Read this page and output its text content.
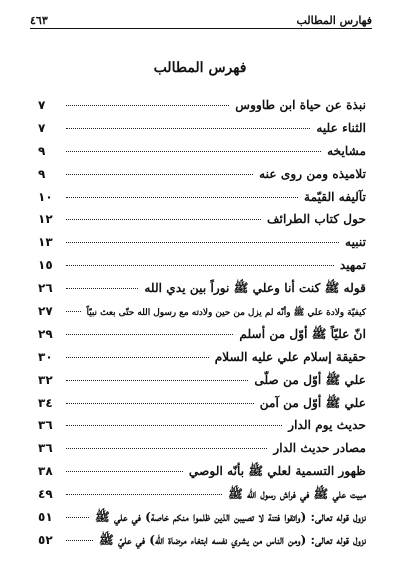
فهارس المطالب
٤٦٣
فهرس المطالب
نبذة عن حياة ابن طاووس
٧
الثناء عليه
٧
مشايخه
٩
تلاميذه ومن روى عنه
٩
تآليفه القيّمة
١٠
حول كتاب الطرائف
١٢
تنبيه
١٣
تمهيد
١٥
قوله ﷺ كنت أنا وعلي ﷺ نوراً بين يدي الله
٢٦
كيفيّة ولادة علي ﷺ وأنّه لم يزل من حين ولادته مع رسول الله حتّى بعث نبيّاً
٢٧
انّ عليّاً ﷺ أوّل من أسلم
٢٩
حقيقة إسلام علي عليه السلام
٣٠
علي ﷺ أوّل من صلّى
٣٢
علي ﷺ أوّل من آمن
٣٤
حديث يوم الدار
٣٦
مصادر حديث الدار
٣٦
ظهور التسمية لعلي ﷺ بأنّه الوصي
٣٨
مبيت علي ﷺ في فراش رسول الله ﷺ
٤٩
نزول قوله تعالى: (واتقوا فتنة لا تصيبن الذين ظلموا منكم خاصة) في علي ﷺ
٥١
نزول قوله تعالى: (ومن الناس من يشري نفسه ابتغاء مرضاة الله) في عليّ ﷺ
٥٢
